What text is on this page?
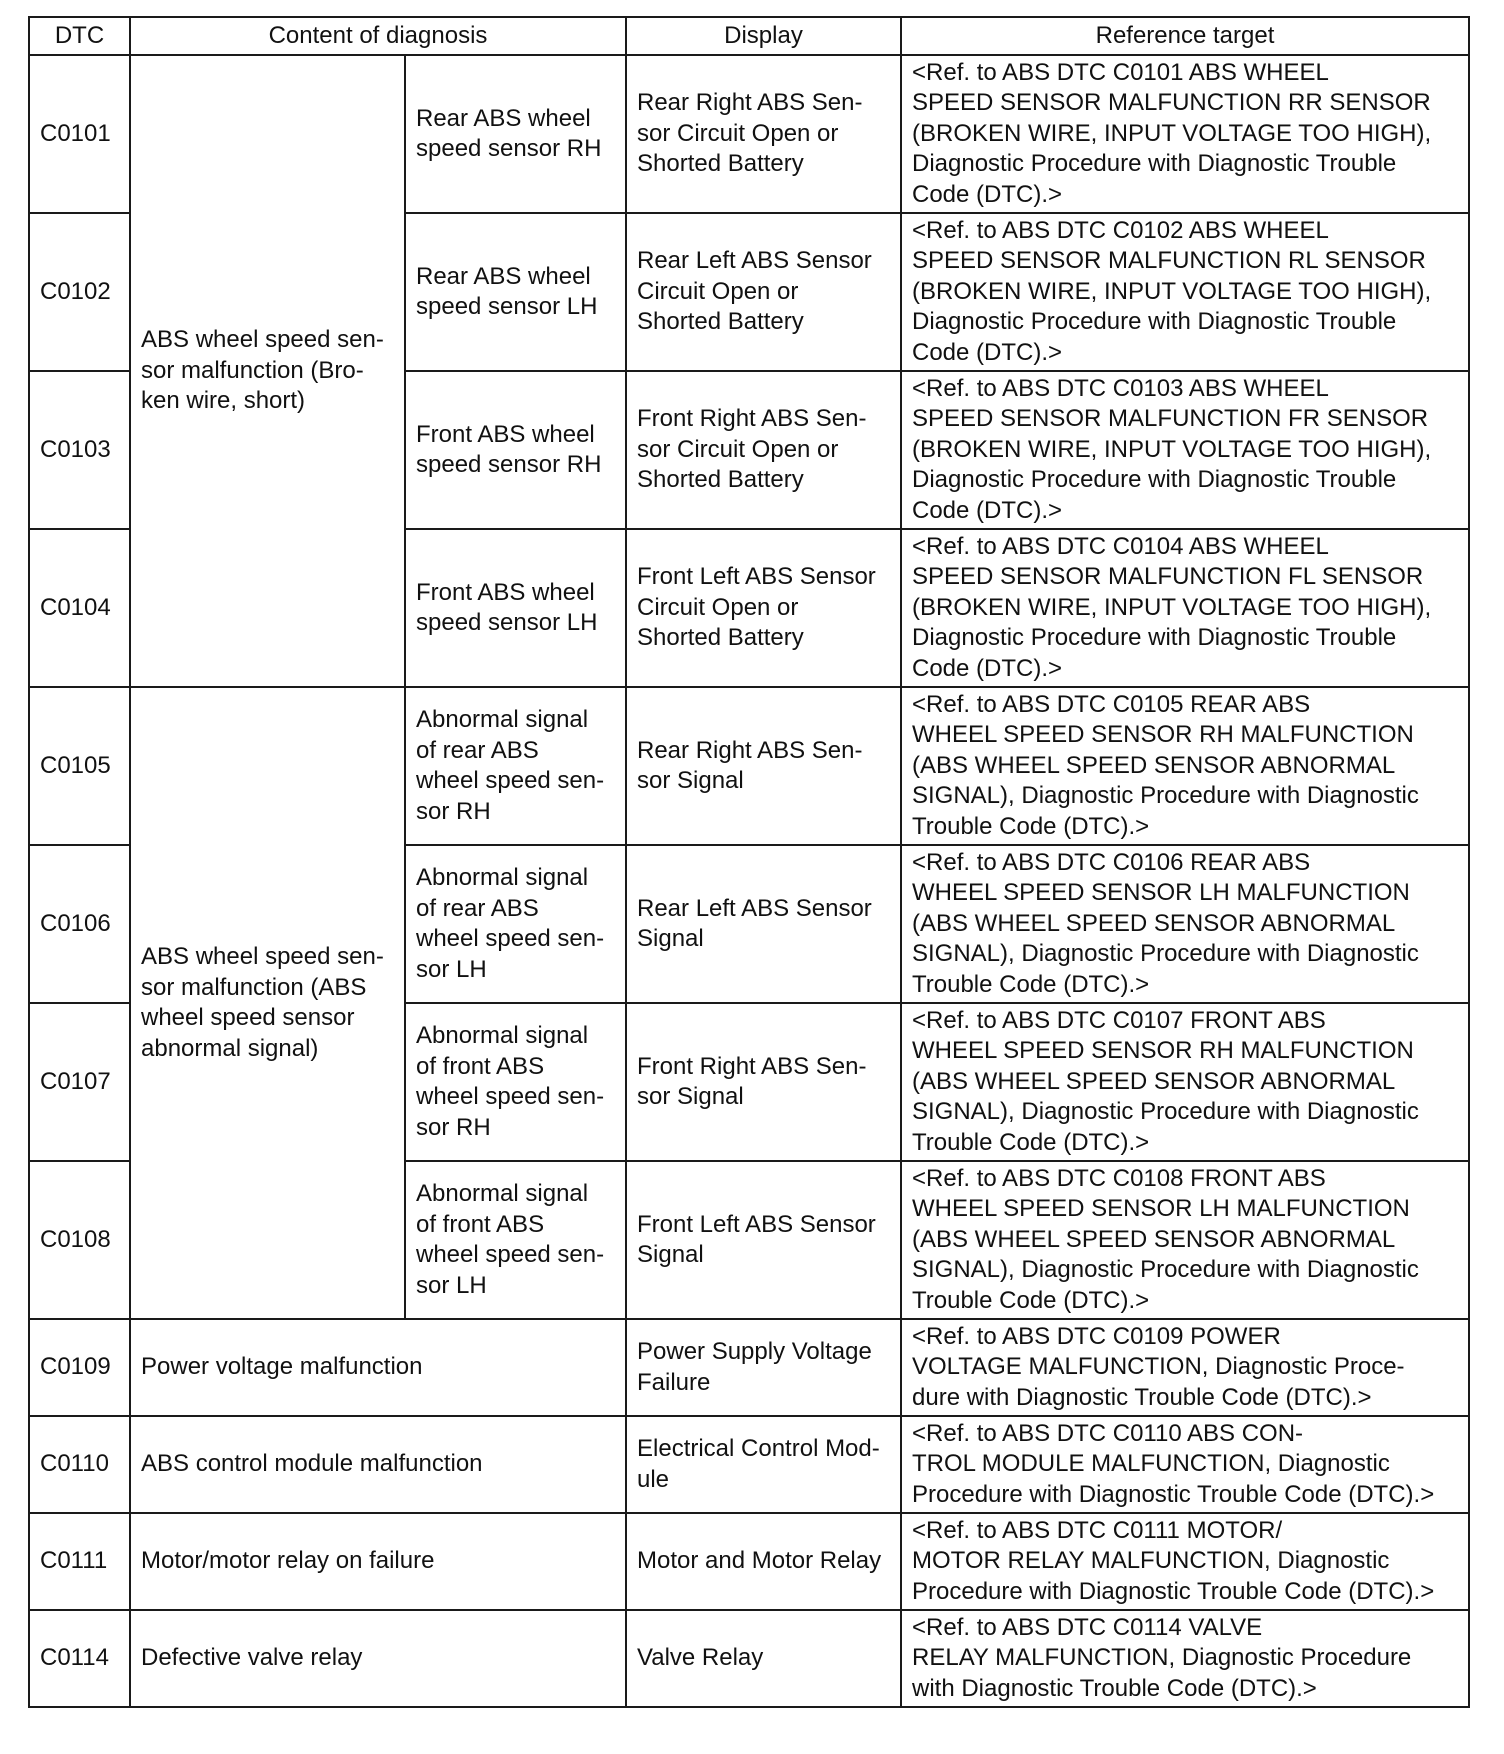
DTC	Content of diagnosis		Display	Reference target
C0101	ABS wheel speed sen-
sor malfunction (Bro-
ken wire, short)	Rear ABS wheel
speed sensor RH	Rear Right ABS Sen-
sor Circuit Open or
Shorted Battery	<Ref. to ABS DTC C0101 ABS WHEEL
SPEED SENSOR MALFUNCTION RR SENSOR
(BROKEN WIRE, INPUT VOLTAGE TOO HIGH),
Diagnostic Procedure with Diagnostic Trouble
Code (DTC).>

C0102		Rear ABS wheel
speed sensor LH	Rear Left ABS Sensor
Circuit Open or
Shorted Battery	<Ref. to ABS DTC C0102 ABS WHEEL
SPEED SENSOR MALFUNCTION RL SENSOR
(BROKEN WIRE, INPUT VOLTAGE TOO HIGH),
Diagnostic Procedure with Diagnostic Trouble
Code (DTC).>

C0103		Front ABS wheel
speed sensor RH	Front Right ABS Sen-
sor Circuit Open or
Shorted Battery	<Ref. to ABS DTC C0103 ABS WHEEL
SPEED SENSOR MALFUNCTION FR SENSOR
(BROKEN WIRE, INPUT VOLTAGE TOO HIGH),
Diagnostic Procedure with Diagnostic Trouble
Code (DTC).>

C0104		Front ABS wheel
speed sensor LH	Front Left ABS Sensor
Circuit Open or
Shorted Battery	<Ref. to ABS DTC C0104 ABS WHEEL
SPEED SENSOR MALFUNCTION FL SENSOR
(BROKEN WIRE, INPUT VOLTAGE TOO HIGH),
Diagnostic Procedure with Diagnostic Trouble
Code (DTC).>

C0105	ABS wheel speed sen-
sor malfunction (ABS
wheel speed sensor
abnormal signal)	Abnormal signal
of rear ABS
wheel speed sen-
sor RH	Rear Right ABS Sen-
sor Signal	<Ref. to ABS DTC C0105 REAR ABS
WHEEL SPEED SENSOR RH MALFUNCTION
(ABS WHEEL SPEED SENSOR ABNORMAL
SIGNAL), Diagnostic Procedure with Diagnostic
Trouble Code (DTC).>

C0106		Abnormal signal
of rear ABS
wheel speed sen-
sor LH	Rear Left ABS Sensor
Signal	<Ref. to ABS DTC C0106 REAR ABS
WHEEL SPEED SENSOR LH MALFUNCTION
(ABS WHEEL SPEED SENSOR ABNORMAL
SIGNAL), Diagnostic Procedure with Diagnostic
Trouble Code (DTC).>

C0107		Abnormal signal
of front ABS
wheel speed sen-
sor RH	Front Right ABS Sen-
sor Signal	<Ref. to ABS DTC C0107 FRONT ABS
WHEEL SPEED SENSOR RH MALFUNCTION
(ABS WHEEL SPEED SENSOR ABNORMAL
SIGNAL), Diagnostic Procedure with Diagnostic
Trouble Code (DTC).>

C0108		Abnormal signal
of front ABS
wheel speed sen-
sor LH	Front Left ABS Sensor
Signal	<Ref. to ABS DTC C0108 FRONT ABS
WHEEL SPEED SENSOR LH MALFUNCTION
(ABS WHEEL SPEED SENSOR ABNORMAL
SIGNAL), Diagnostic Procedure with Diagnostic
Trouble Code (DTC).>

C0109	Power voltage malfunction		Power Supply Voltage
Failure	<Ref. to ABS DTC C0109 POWER
VOLTAGE MALFUNCTION, Diagnostic Proce-
dure with Diagnostic Trouble Code (DTC).>

C0110	ABS control module malfunction		Electrical Control Mod-
ule	<Ref. to ABS DTC C0110 ABS CON-
TROL MODULE MALFUNCTION, Diagnostic
Procedure with Diagnostic Trouble Code (DTC).>

C0111	Motor/motor relay on failure		Motor and Motor Relay	<Ref. to ABS DTC C0111 MOTOR/
MOTOR RELAY MALFUNCTION, Diagnostic
Procedure with Diagnostic Trouble Code (DTC).>

C0114	Defective valve relay		Valve Relay	<Ref. to ABS DTC C0114 VALVE
RELAY MALFUNCTION, Diagnostic Procedure
with Diagnostic Trouble Code (DTC).>
